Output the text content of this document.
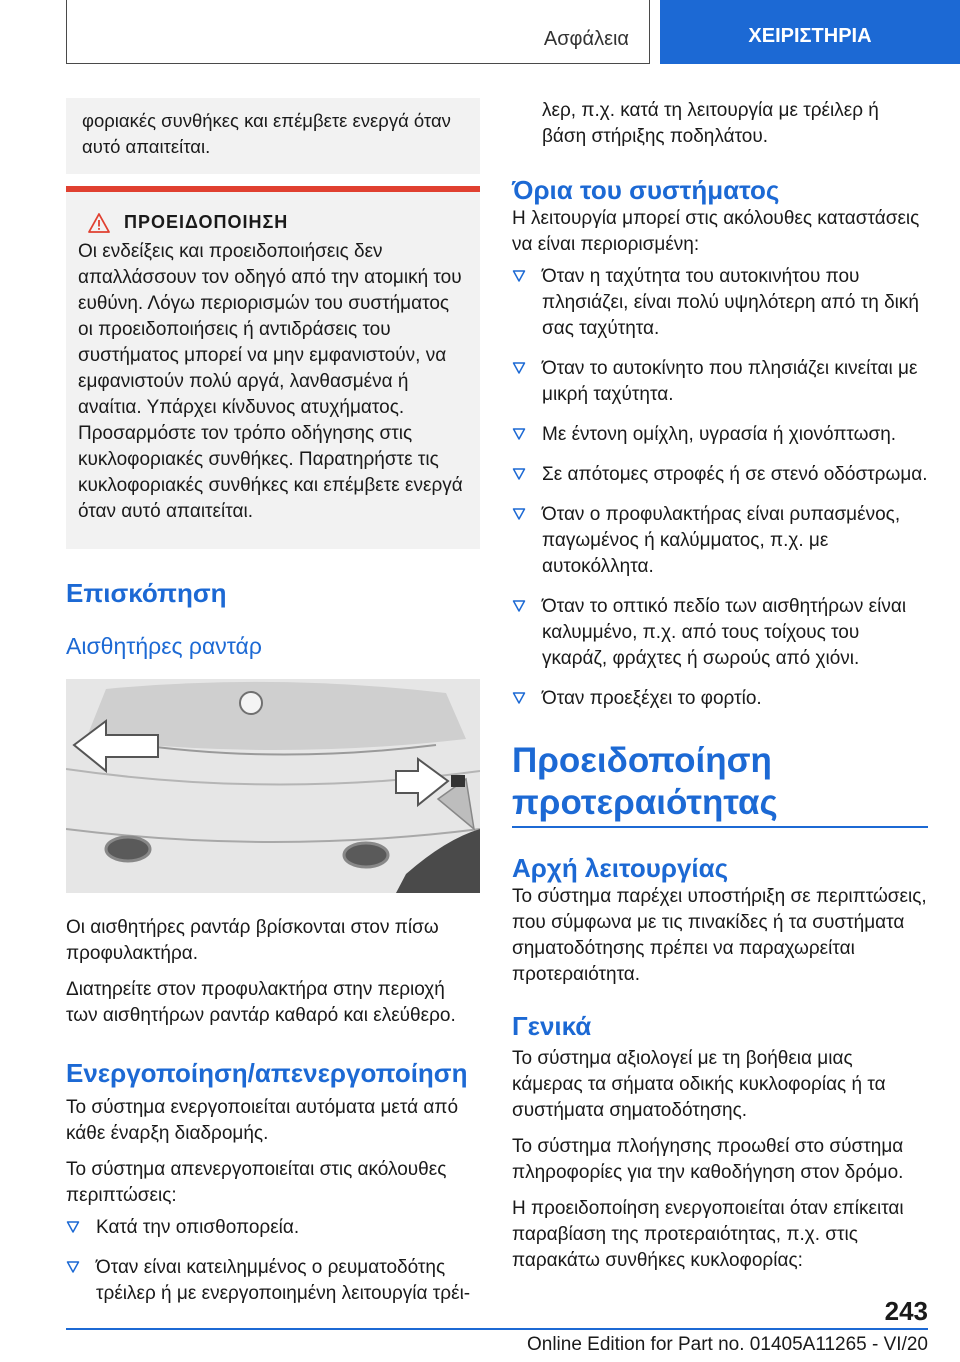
Ασφάλεια	ΧΕΙΡΙΣΤΗΡΙΑ

φοριακές συνθήκες και επέμβετε ενεργά όταν αυτό απαιτείται.

ΠΡΟΕΙΔΟΠΟΙΗΣΗ

Οι ενδείξεις και προειδοποιήσεις δεν απαλλάσσουν τον οδηγό από την ατομική του ευθύνη. Λόγω περιορισμών του συστήματος οι προειδοποιήσεις ή αντιδράσεις του συστήματος μπορεί να μην εμφανιστούν, να εμφανιστούν πολύ αργά, λανθασμένα ή αναίτια. Υπάρχει κίνδυνος ατυχήματος. Προσαρμόστε τον τρόπο οδήγησης στις κυκλοφοριακές συνθήκες. Παρατηρήστε τις κυκλοφοριακές συνθήκες και επέμβετε ενεργά όταν αυτό απαιτείται.

Επισκόπηση
Αισθητήρες ραντάρ

Οι αισθητήρες ραντάρ βρίσκονται στον πίσω προφυλακτήρα.

Διατηρείτε στον προφυλακτήρα στην περιοχή των αισθητήρων ραντάρ καθαρό και ελεύθερο.

Ενεργοποίηση/απενεργοποίηση

Το σύστημα ενεργοποιείται αυτόματα μετά από κάθε έναρξη διαδρομής.

Το σύστημα απενεργοποιείται στις ακόλουθες περιπτώσεις:

Κατά την οπισθοπορεία.
Όταν είναι κατειλημμένος ο ρευματοδότης τρέιλερ ή με ενεργοποιημένη λειτουργία τρέι-

λερ, π.χ. κατά τη λειτουργία με τρέιλερ ή βάση στήριξης ποδηλάτου.

Όρια του συστήματος

Η λειτουργία μπορεί στις ακόλουθες καταστάσεις να είναι περιορισμένη:

Όταν η ταχύτητα του αυτοκινήτου που πλησιάζει, είναι πολύ υψηλότερη από τη δική σας ταχύτητα.
Όταν το αυτοκίνητο που πλησιάζει κινείται με μικρή ταχύτητα.
Με έντονη ομίχλη, υγρασία ή χιονόπτωση.
Σε απότομες στροφές ή σε στενό οδόστρωμα.
Όταν ο προφυλακτήρας είναι ρυπασμένος, παγωμένος ή καλύμματος, π.χ. με αυτοκόλλητα.
Όταν το οπτικό πεδίο των αισθητήρων είναι καλυμμένο, π.χ. από τους τοίχους του γκαράζ, φράχτες ή σωρούς από χιόνι.
Όταν προεξέχει το φορτίο.
Προειδοποίηση προτεραιότητας
Αρχή λειτουργίας

Το σύστημα παρέχει υποστήριξη σε περιπτώσεις, που σύμφωνα με τις πινακίδες ή τα συστήματα σηματοδότησης πρέπει να παραχωρείται προτεραιότητα.

Γενικά

Το σύστημα αξιολογεί με τη βοήθεια μιας κάμερας τα σήματα οδικής κυκλοφορίας ή τα συστήματα σηματοδότησης.

Το σύστημα πλοήγησης προωθεί στο σύστημα πληροφορίες για την καθοδήγηση στον δρόμο.

Η προειδοποίηση ενεργοποιείται όταν επίκειται παραβίαση της προτεραιότητας, π.χ. στις παρακάτω συνθήκες κυκλοφορίας:

243
Online Edition for Part no. 01405A11265 - VI/20
